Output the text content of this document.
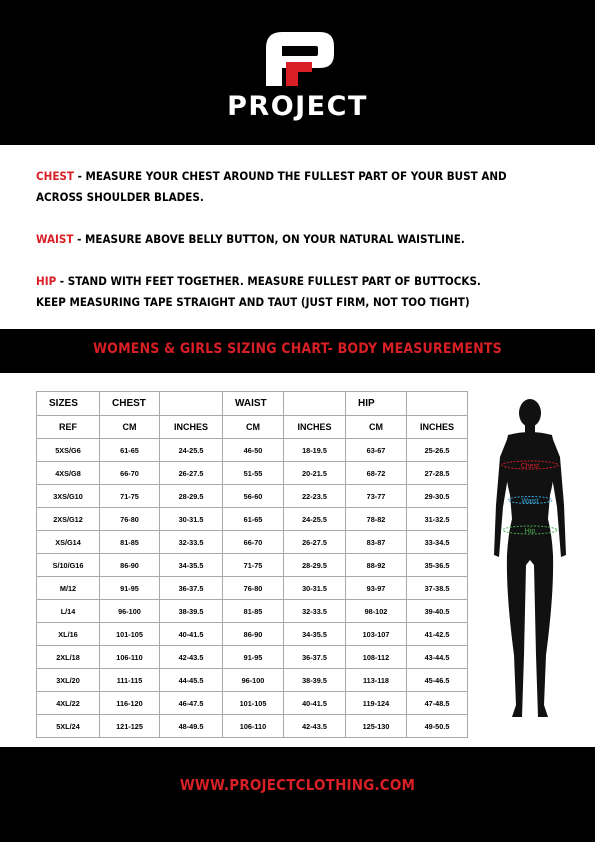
PROJECT

CHEST - MEASURE YOUR CHEST AROUND THE FULLEST PART OF YOUR BUST AND
ACROSS SHOULDER BLADES.

WAIST - MEASURE ABOVE BELLY BUTTON, ON YOUR NATURAL WAISTLINE.

HIP - STAND WITH FEET TOGETHER. MEASURE FULLEST PART OF BUTTOCKS.
KEEP MEASURING TAPE STRAIGHT AND TAUT (JUST FIRM, NOT TOO TIGHT)

WOMENS & GIRLS SIZING CHART- BODY MEASUREMENTS
SIZES	CHEST		WAIST		HIP	
REF	CM	INCHES	CM	INCHES	CM	INCHES
5XS/G6	61-65	24-25.5	46-50	18-19.5	63-67	25-26.5
4XS/G8	66-70	26-27.5	51-55	20-21.5	68-72	27-28.5
3XS/G10	71-75	28-29.5	56-60	22-23.5	73-77	29-30.5
2XS/G12	76-80	30-31.5	61-65	24-25.5	78-82	31-32.5
XS/G14	81-85	32-33.5	66-70	26-27.5	83-87	33-34.5
S/10/G16	86-90	34-35.5	71-75	28-29.5	88-92	35-36.5
M/12	91-95	36-37.5	76-80	30-31.5	93-97	37-38.5
L/14	96-100	38-39.5	81-85	32-33.5	98-102	39-40.5
XL/16	101-105	40-41.5	86-90	34-35.5	103-107	41-42.5
2XL/18	106-110	42-43.5	91-95	36-37.5	108-112	43-44.5
3XL/20	111-115	44-45.5	96-100	38-39.5	113-118	45-46.5
4XL/22	116-120	46-47.5	101-105	40-41.5	119-124	47-48.5
5XL/24	121-125	48-49.5	106-110	42-43.5	125-130	49-50.5
Chest
Waist
Hip
WWW.PROJECTCLOTHING.COM
